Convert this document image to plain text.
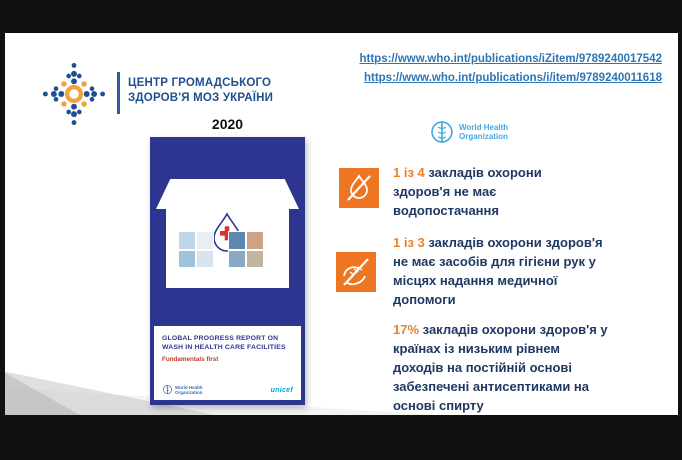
ЦЕНТР ГРОМАДСЬКОГО
ЗДОРОВ'Я МОЗ УКРАЇНИ
https://www.who.int/publications/iZitem/9789240017542
https://www.who.int/publications/i/item/9789240011618
2020
GLOBAL PROGRESS REPORT ON
WASH IN HEALTH CARE FACILITIES
Fundamentals first
World Health
Organization	unicef
World Health
Organization
1 із 4 закладів охорони здоров'я не має водопостачання
1 із 3 закладів охорони здоров'я не має засобів для гігієни рук у місцях надання медичної допомоги
17% закладів охорони здоров'я у країнах із низьким рівнем доходів на постійній основі забезпечені антисептиками на основі спирту
